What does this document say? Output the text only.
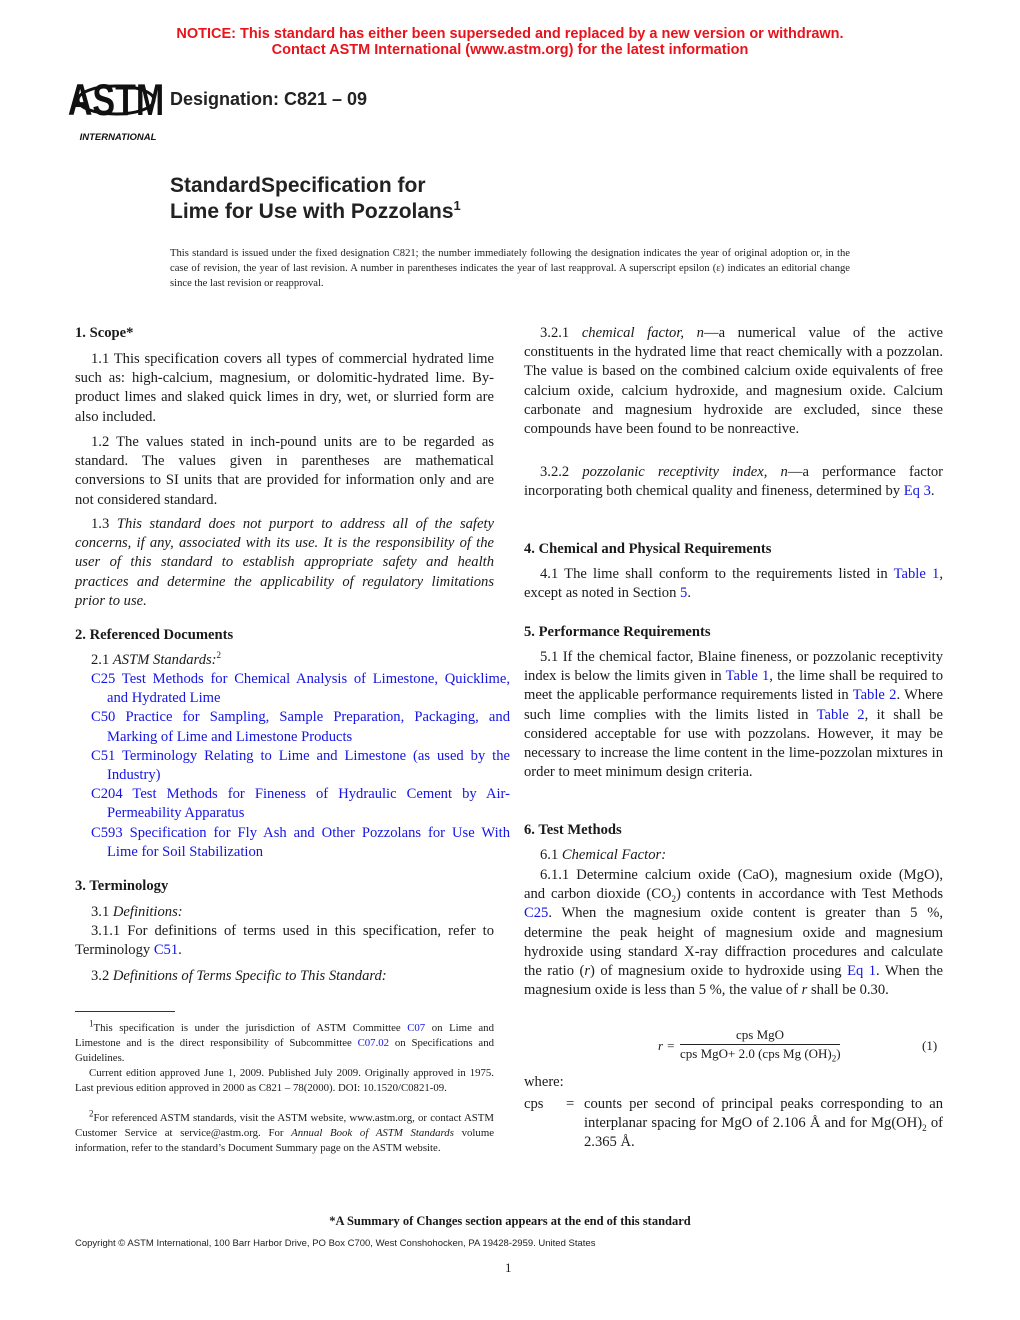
NOTICE: This standard has either been superseded and replaced by a new version or withdrawn.
Contact ASTM International (www.astm.org) for the latest information
ASTM
INTERNATIONAL
Designation: C821 – 09
StandardSpecification for
Lime for Use with Pozzolans$^1$
This standard is issued under the fixed designation C821; the number immediately following the designation indicates the year of original adoption or, in the case of revision, the year of last revision. A number in parentheses indicates the year of last reapproval. A superscript epsilon (ε) indicates an editorial change since the last revision or reapproval.
1. Scope*
1.1 This specification covers all types of commercial hydrated lime such as: high-calcium, magnesium, or dolomitic-hydrated lime. By-product limes and slaked quick limes in dry, wet, or slurried form are also included.
1.2 The values stated in inch-pound units are to be regarded as standard. The values given in parentheses are mathematical conversions to SI units that are provided for information only and are not considered standard.
1.3 This standard does not purport to address all of the safety concerns, if any, associated with its use. It is the responsibility of the user of this standard to establish appropriate safety and health practices and determine the applicability of regulatory limitations prior to use.
2. Referenced Documents
2.1 ASTM Standards:$^2$
C25 Test Methods for Chemical Analysis of Limestone, Quicklime, and Hydrated Lime
C50 Practice for Sampling, Sample Preparation, Packaging, and Marking of Lime and Limestone Products
C51 Terminology Relating to Lime and Limestone (as used by the Industry)
C204 Test Methods for Fineness of Hydraulic Cement by Air-Permeability Apparatus
C593 Specification for Fly Ash and Other Pozzolans for Use With Lime for Soil Stabilization
3. Terminology
3.1 Definitions:
3.1.1 For definitions of terms used in this specification, refer to Terminology C51.
3.2 Definitions of Terms Specific to This Standard:
$^1$This specification is under the jurisdiction of ASTM Committee C07 on Lime and Limestone and is the direct responsibility of Subcommittee C07.02 on Specifications and Guidelines.
Current edition approved June 1, 2009. Published July 2009. Originally approved in 1975. Last previous edition approved in 2000 as C821 – 78(2000). DOI: 10.1520/C0821-09.
$^2$For referenced ASTM standards, visit the ASTM website, www.astm.org, or contact ASTM Customer Service at service@astm.org. For Annual Book of ASTM Standards volume information, refer to the standard’s Document Summary page on the ASTM website.
3.2.1 chemical factor, n—a numerical value of the active constituents in the hydrated lime that react chemically with a pozzolan. The value is based on the combined calcium oxide equivalents of free calcium oxide, calcium hydroxide, and magnesium oxide. Calcium carbonate and magnesium hydroxide are excluded, since these compounds have been found to be nonreactive.
3.2.2 pozzolanic receptivity index, n—a performance factor incorporating both chemical quality and fineness, determined by Eq 3.
4. Chemical and Physical Requirements
4.1 The lime shall conform to the requirements listed in Table 1, except as noted in Section 5.
5. Performance Requirements
5.1 If the chemical factor, Blaine fineness, or pozzolanic receptivity index is below the limits given in Table 1, the lime shall be required to meet the applicable performance requirements listed in Table 2. Where such lime complies with the limits listed in Table 2, it shall be considered acceptable for use with pozzolans. However, it may be necessary to increase the lime content in the lime-pozzolan mixtures in order to meet minimum design criteria.
6. Test Methods
6.1 Chemical Factor:
6.1.1 Determine calcium oxide (CaO), magnesium oxide (MgO), and carbon dioxide $(CO_2)$ contents in accordance with Test Methods C25. When the magnesium oxide content is greater than 5 %, determine the peak height of magnesium oxide and magnesium hydroxide using standard X-ray diffraction procedures and calculate the ratio (r) of magnesium oxide to hydroxide using Eq 1. When the magnesium oxide is less than 5 %, the value of r shall be 0.30.
r =
cps MgO
cps MgO+ 2.0 (cps Mg $(OH)_2$)
(1)
where:
cps	= counts per second of principal peaks corresponding to an interplanar spacing for MgO of 2.106 Å and for $Mg(OH)_2$ of 2.365 Å.
*A Summary of Changes section appears at the end of this standard
Copyright © ASTM International, 100 Barr Harbor Drive, PO Box C700, West Conshohocken, PA 19428-2959. United States
1
